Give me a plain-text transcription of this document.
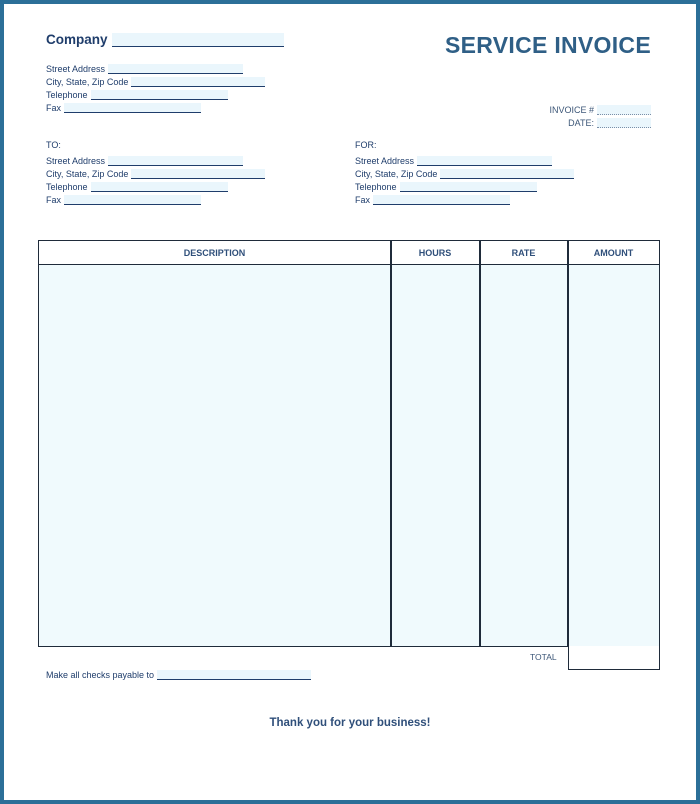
Company	SERVICE INVOICE
Street Address
City, State, Zip Code
Telephone
Fax	INVOICE #
DATE:
TO:
Street Address
City, State, Zip Code
Telephone
Fax
FOR:
Street Address
City, State, Zip Code
Telephone
Fax
DESCRIPTION	HOURS	RATE	AMOUNT
TOTAL
Make all checks payable to
Thank you for your business!
